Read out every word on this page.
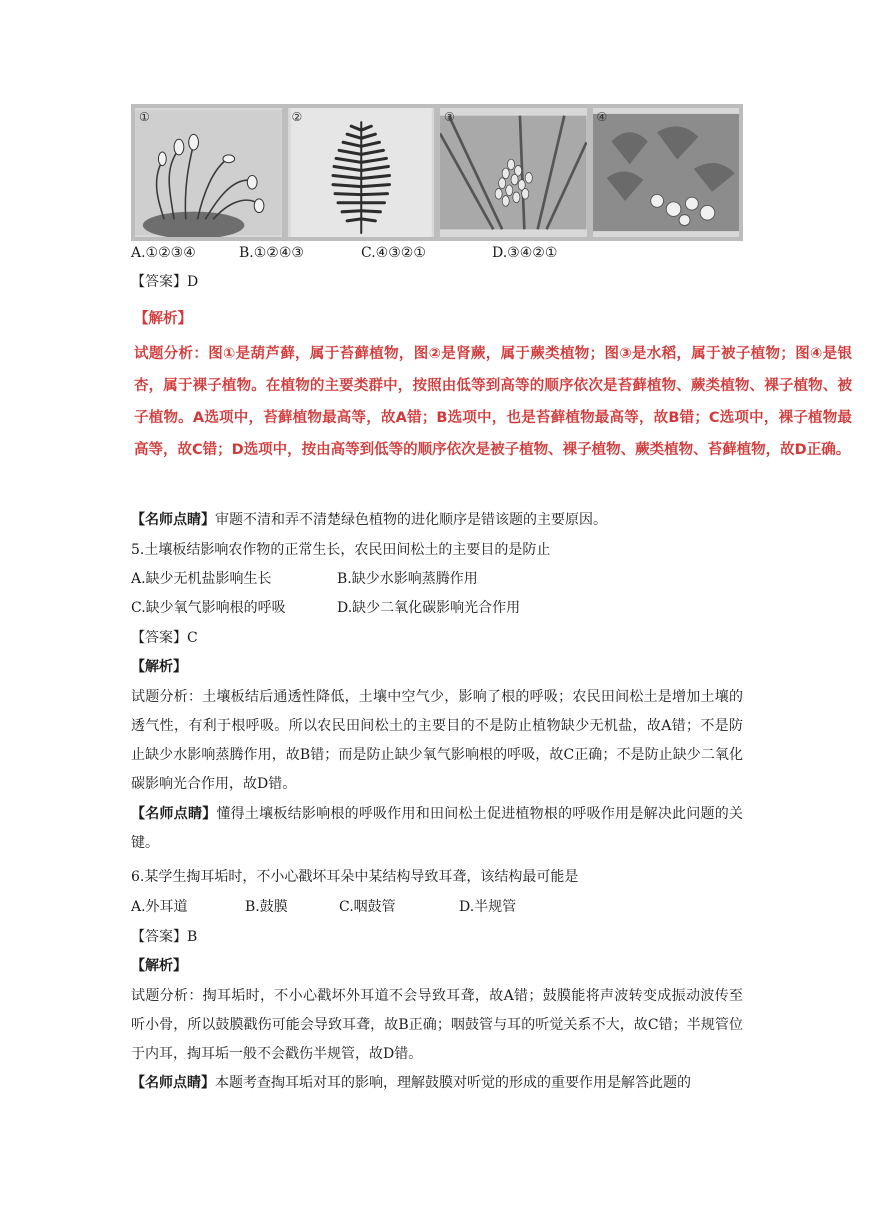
①	②	③	④
A.①②③④	B.①②④③	C.④③②①	D.③④②①
【答案】D
【解析】
试题分析：图①是葫芦藓，属于苔藓植物，图②是肾蕨，属于蕨类植物；图③是水稻，属于被子植物；图④是银杏，属于裸子植物。在植物的主要类群中，按照由低等到高等的顺序依次是苔藓植物、蕨类植物、裸子植物、被子植物。A选项中，苔藓植物最高等，故A错；B选项中，也是苔藓植物最高等，故B错；C选项中，裸子植物最高等，故C错；D选项中，按由高等到低等的顺序依次是被子植物、裸子植物、蕨类植物、苔藓植物，故D正确。
【名师点睛】审题不清和弄不清楚绿色植物的进化顺序是错该题的主要原因。
5.土壤板结影响农作物的正常生长，农民田间松土的主要目的是防止
A.缺少无机盐影响生长	B.缺少水影响蒸腾作用
C.缺少氧气影响根的呼吸	D.缺少二氧化碳影响光合作用
【答案】C
【解析】
试题分析：土壤板结后通透性降低，土壤中空气少，影响了根的呼吸；农民田间松土是增加土壤的透气性，有利于根呼吸。所以农民田间松土的主要目的不是防止植物缺少无机盐，故A错；不是防止缺少水影响蒸腾作用，故B错；而是防止缺少氧气影响根的呼吸，故C正确；不是防止缺少二氧化碳影响光合作用，故D错。
【名师点睛】懂得土壤板结影响根的呼吸作用和田间松土促进植物根的呼吸作用是解决此问题的关键。
6.某学生掏耳垢时，不小心戳坏耳朵中某结构导致耳聋，该结构最可能是
A.外耳道	B.鼓膜	C.咽鼓管	D.半规管
【答案】B
【解析】
试题分析：掏耳垢时，不小心戳坏外耳道不会导致耳聋，故A错；鼓膜能将声波转变成振动波传至听小骨，所以鼓膜戳伤可能会导致耳聋，故B正确；咽鼓管与耳的听觉关系不大，故C错；半规管位于内耳，掏耳垢一般不会戳伤半规管，故D错。
【名师点睛】本题考查掏耳垢对耳的影响，理解鼓膜对听觉的形成的重要作用是解答此题的
